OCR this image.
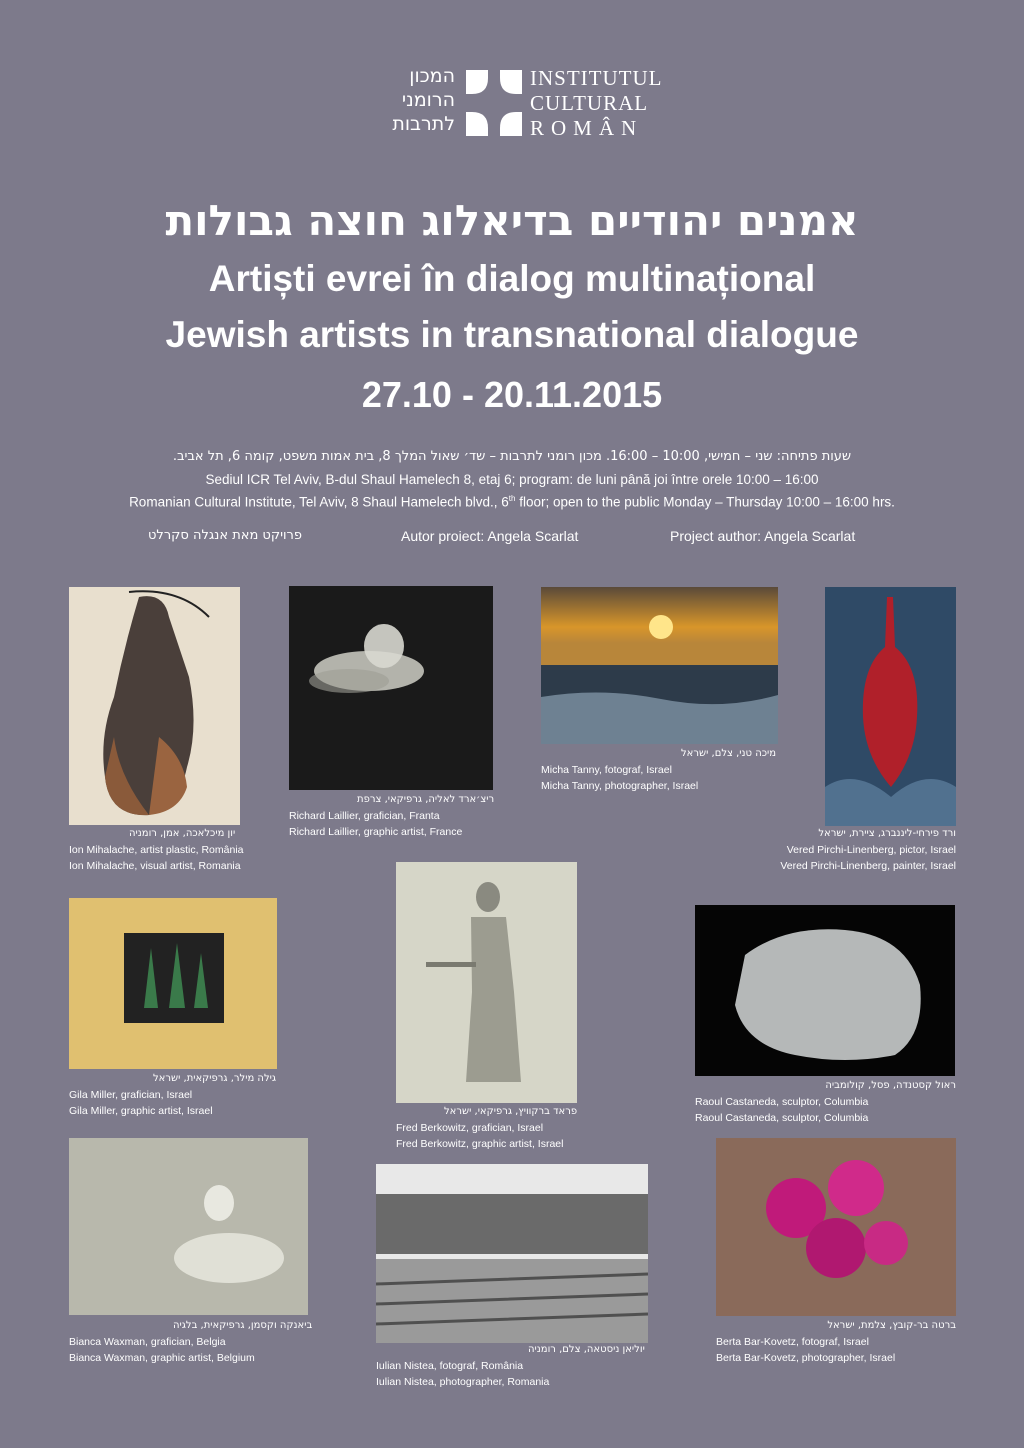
המכון
הרומני
לתרבות
INSTITUTUL
CULTURAL
ROMÂN
אמנים יהודיים בדיאלוג חוצה גבולות
Artiști evrei în dialog multinațional
Jewish artists in transnational dialogue
27.10 - 20.11.2015
שעות פתיחה: שני – חמישי, 10:00 – 16:00. מכון רומני לתרבות – שד׳ שאול המלך 8, בית אמות משפט, קומה 6, תל אביב.
Sediul ICR Tel Aviv, B-dul Shaul Hamelech 8, etaj 6; program: de luni până joi între orele 10:00 – 16:00
Romanian Cultural Institute, Tel Aviv, 8 Shaul Hamelech blvd., 6th floor; open to the public Monday – Thursday 10:00 – 16:00 hrs.
פרויקט מאת אנגלה סקרלט	Autor proiect: Angela Scarlat	Project author: Angela Scarlat
יון מיכלאכה, אמן, רומניה
Ion Mihalache, artist plastic, România
Ion Mihalache, visual artist, Romania
ריצ׳ארד לאליה, גרפיקאי, צרפת
Richard Laillier, grafician, Franta
Richard Laillier, graphic artist, France
מיכה טני, צלם, ישראל
Micha Tanny, fotograf, Israel
Micha Tanny, photographer, Israel
ורד פירחי-ליננברג, ציירת, ישראל
Vered Pirchi-Linenberg, pictor, Israel
Vered Pirchi-Linenberg, painter, Israel
גילה מילר, גרפיקאית, ישראל
Gila Miller, grafician, Israel
Gila Miller, graphic artist, Israel	פראד ברקוויץ, גרפיקאי, ישראל
Fred Berkowitz, grafician, Israel
Fred Berkowitz, graphic artist, Israel
ראול קסטנדה, פסל, קולומביה
Raoul Castaneda, sculptor, Columbia
Raoul Castaneda, sculptor, Columbia
ביאנקה וקסמן, גרפיקאית, בלגיה
Bianca Waxman, grafician, Belgia
Bianca Waxman, graphic artist, Belgium
יוליאן ניסטאה, צלם, רומניה
Iulian Nistea, fotograf, România
Iulian Nistea, photographer, Romania
ברטה בר-קובץ, צלמת, ישראל
Berta Bar-Kovetz, fotograf, Israel
Berta Bar-Kovetz, photographer, Israel
